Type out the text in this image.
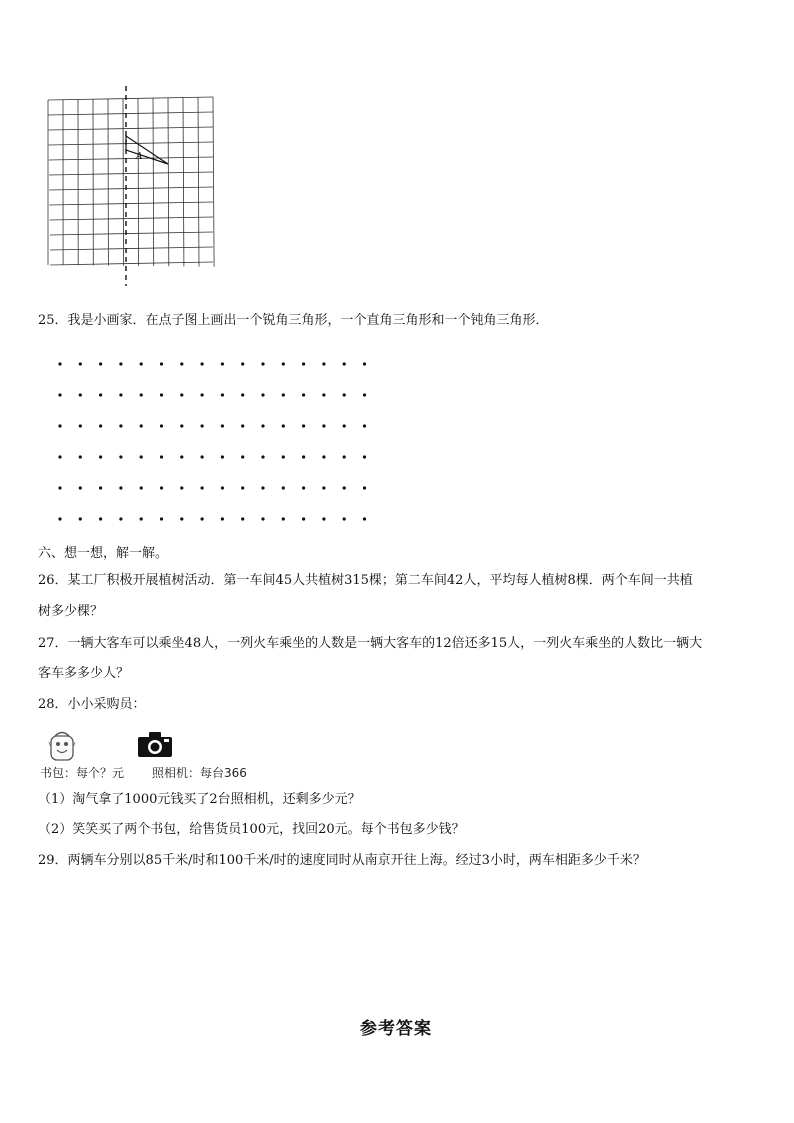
A
25．我是小画家．在点子图上画出一个锐角三角形，一个直角三角形和一个钝角三角形．
六、想一想，解一解。
26．某工厂积极开展植树活动．第一车间45人共植树315棵；第二车间42人，平均每人植树8棵．两个车间一共植
树多少棵？
27．一辆大客车可以乘坐48人，一列火车乘坐的人数是一辆大客车的12倍还多15人，一列火车乘坐的人数比一辆大
客车多多少人？
28．小小采购员：
书包：每个？元 照相机：每台366
（1）淘气拿了1000元钱买了2台照相机，还剩多少元？
（2）笑笑买了两个书包，给售货员100元，找回20元。每个书包多少钱？
29．两辆车分别以85千米/时和100千米/时的速度同时从南京开往上海。经过3小时，两车相距多少千米？
参考答案
